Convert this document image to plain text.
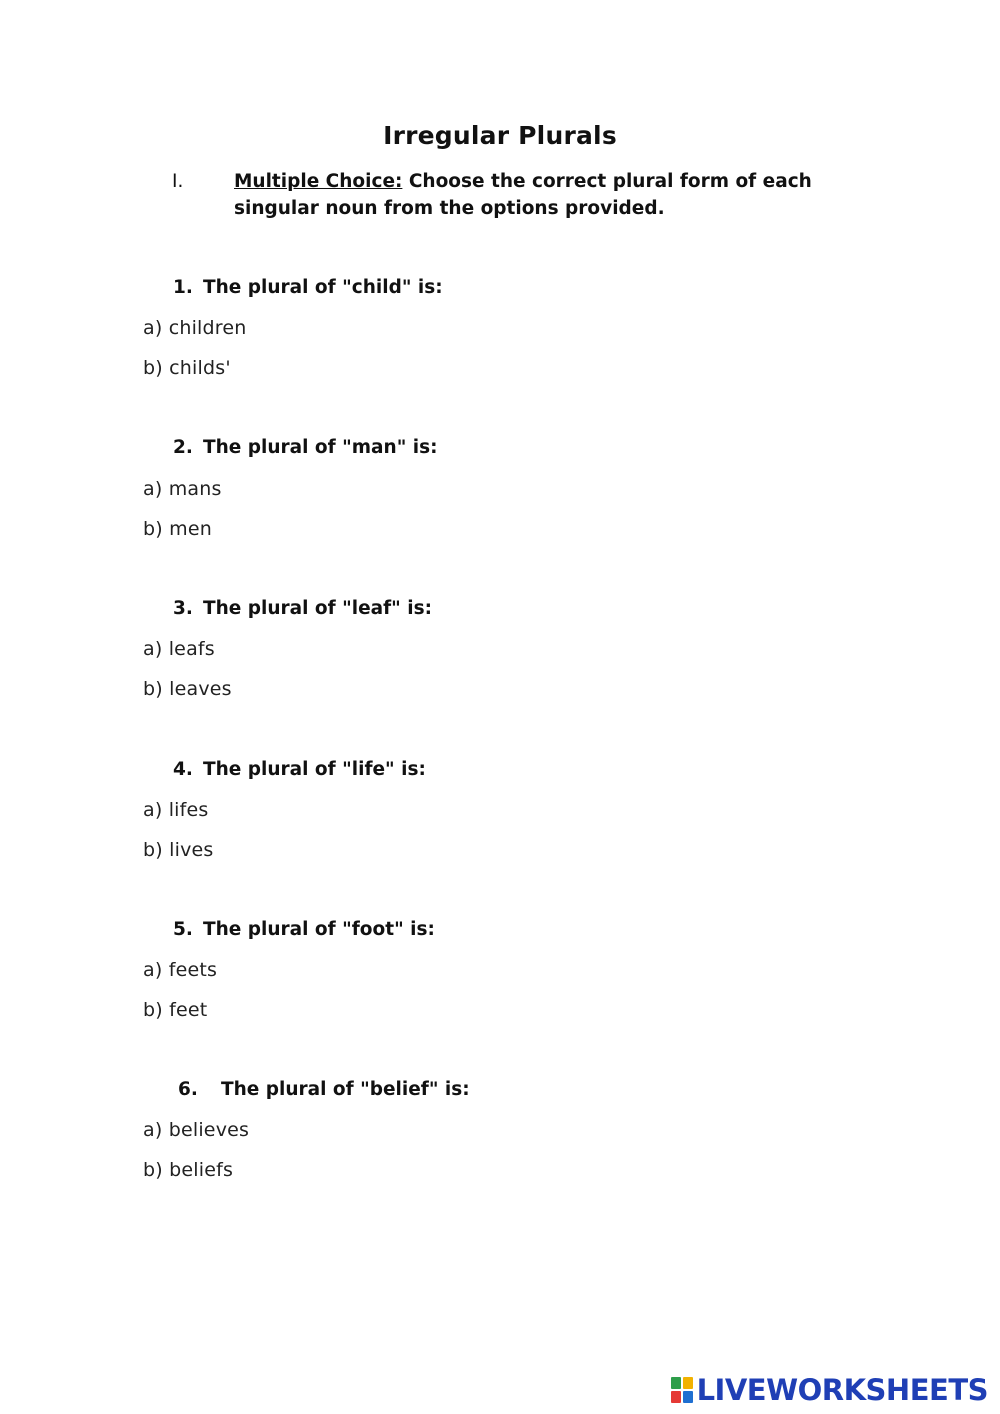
Irregular Plurals
I.	Multiple Choice: Choose the correct plural form of each singular noun from the options provided.
1. The plural of "child" is:
a) children
b) childs'
2. The plural of "man" is:
a) mans
b) men
3. The plural of "leaf" is:
a) leafs
b) leaves
4. The plural of "life" is:
a) lifes
b) lives
5. The plural of "foot" is:
a) feets
b) feet
6. The plural of "belief" is:
a) believes
b) beliefs
LIVEWORKSHEETS
